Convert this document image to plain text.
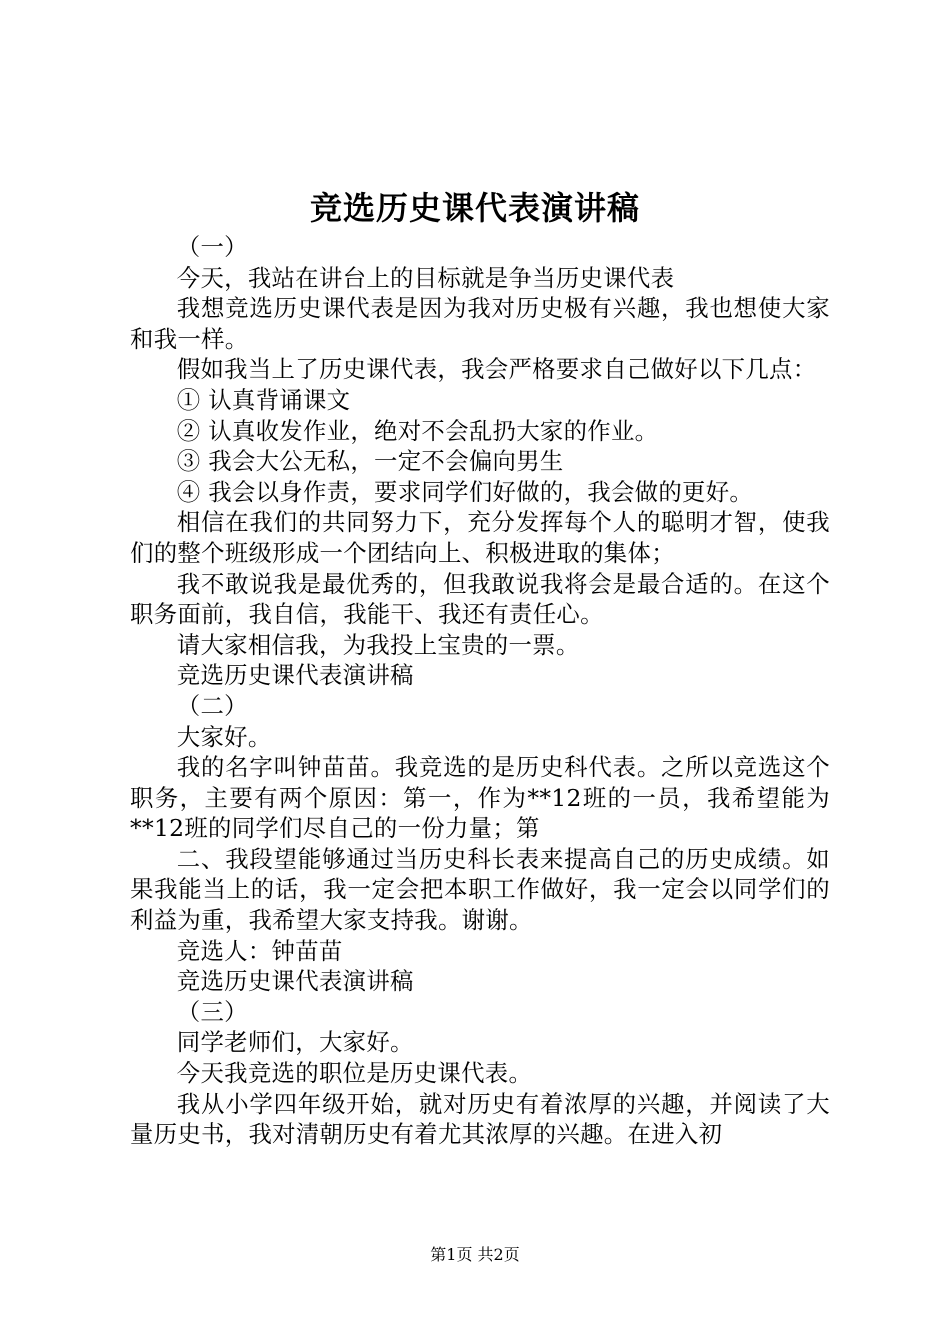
竞选历史课代表演讲稿

（一）

今天，我站在讲台上的目标就是争当历史课代表

我想竞选历史课代表是因为我对历史极有兴趣，我也想使大家和我一样。

假如我当上了历史课代表，我会严格要求自己做好以下几点：

① 认真背诵课文

② 认真收发作业，绝对不会乱扔大家的作业。

③ 我会大公无私，一定不会偏向男生

④ 我会以身作责，要求同学们好做的，我会做的更好。

相信在我们的共同努力下，充分发挥每个人的聪明才智，使我们的整个班级形成一个团结向上、积极进取的集体；

我不敢说我是最优秀的，但我敢说我将会是最合适的。在这个职务面前，我自信，我能干、我还有责任心。

请大家相信我，为我投上宝贵的一票。

竞选历史课代表演讲稿

（二）

大家好。

我的名字叫钟苗苗。我竞选的是历史科代表。之所以竞选这个职务，主要有两个原因：第一，作为**12班的一员，我希望能为**12班的同学们尽自己的一份力量；第

二、我段望能够通过当历史科长表来提高自己的历史成绩。如果我能当上的话，我一定会把本职工作做好，我一定会以同学们的利益为重，我希望大家支持我。谢谢。

竞选人：钟苗苗

竞选历史课代表演讲稿

（三）

同学老师们，大家好。

今天我竞选的职位是历史课代表。

我从小学四年级开始，就对历史有着浓厚的兴趣，并阅读了大量历史书，我对清朝历史有着尤其浓厚的兴趣。在进入初

第1页 共2页
